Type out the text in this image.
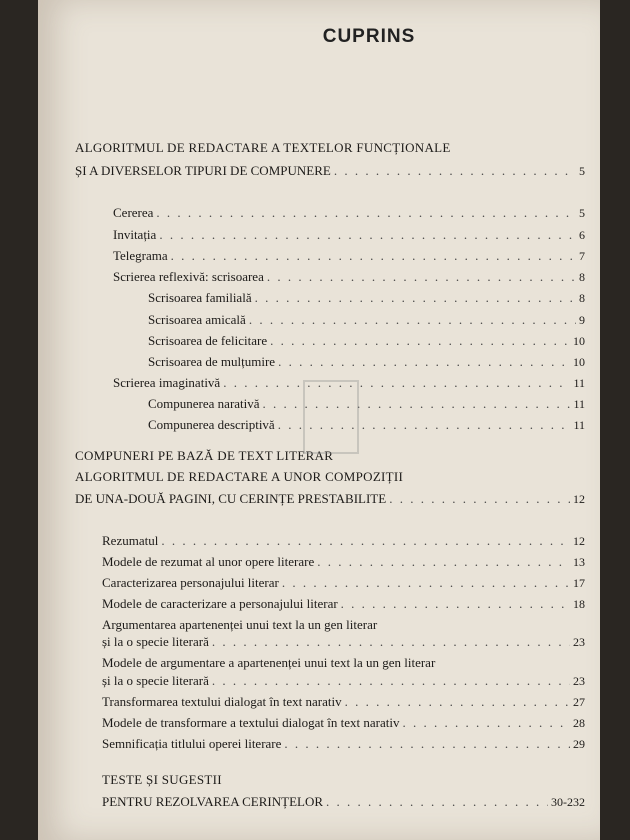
CUPRINS
ALGORITMUL DE REDACTARE A TEXTELOR FUNCȚIONALE
ȘI A DIVERSELOR TIPURI DE COMPUNERE . . .	5
Cererea . . .	5
Invitația . . .	6
Telegrama . . .	7
Scrierea reflexivă: scrisoarea . . .	8
Scrisoarea familială . . .	8
Scrisoarea amicală . . .	9
Scrisoarea de felicitare . . .	10
Scrisoarea de mulțumire . . .	10
Scrierea imaginativă . . .	11
Compunerea narativă . . .	11
Compunerea descriptivă . . .	11
COMPUNERI PE BAZĂ DE TEXT LITERAR
ALGORITMUL DE REDACTARE A UNOR COMPOZIȚII
DE UNA-DOUĂ PAGINI, CU CERINȚE PRESTABILITE . . .	12
Rezumatul . . .	12
Modele de rezumat al unor opere literare . . .	13
Caracterizarea personajului literar . . .	17
Modele de caracterizare a personajului literar . . .	18
Argumentarea apartenenței unui text la un gen literar
și la o specie literară . . .	23
Modele de argumentare a apartenenței unui text la un gen literar
și la o specie literară . . .	23
Transformarea textului dialogat în text narativ . . .	27
Modele de transformare a textului dialogat în text narativ . . .	28
Semnificația titlului operei literare . . .	29
TESTE ȘI SUGESTII
PENTRU REZOLVAREA CERINȚELOR . . .	30-232
